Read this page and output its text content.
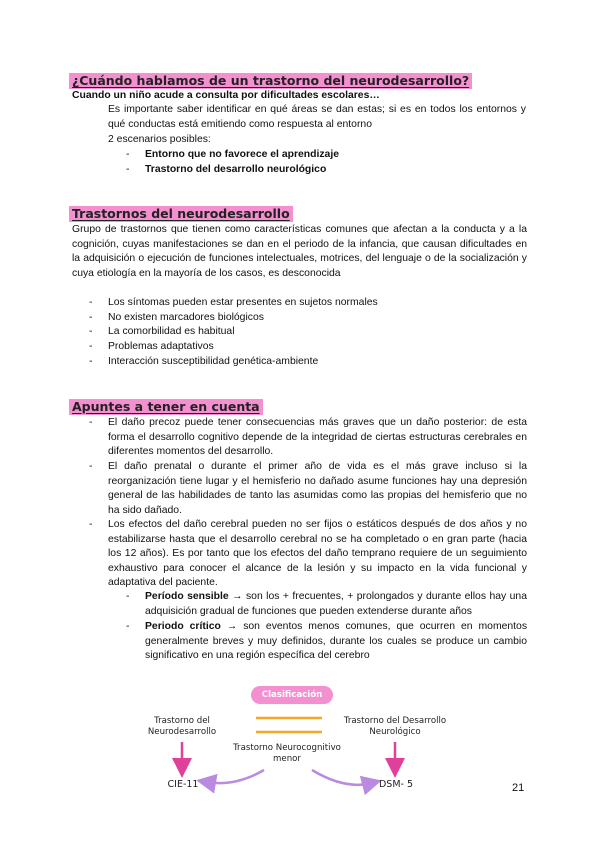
¿Cuándo hablamos de un trastorno del neurodesarrollo?
Cuando un niño acude a consulta por dificultades escolares…
Es importante saber identificar en qué áreas se dan estas; si es en todos los entornos y qué conductas está emitiendo como respuesta al entorno
2 escenarios posibles:
- Entorno que no favorece el aprendizaje
- Trastorno del desarrollo neurológico
Trastornos del neurodesarrollo
Grupo de trastornos que tienen como características comunes que afectan a la conducta y a la cognición, cuyas manifestaciones se dan en el periodo de la infancia, que causan dificultades en la adquisición o ejecución de funciones intelectuales, motrices, del lenguaje o de la socialización y cuya etiología en la mayoría de los casos, es desconocida
- Los síntomas pueden estar presentes en sujetos normales
- No existen marcadores biológicos
- La comorbilidad es habitual
- Problemas adaptativos
- Interacción susceptibilidad genética-ambiente
Apuntes a tener en cuenta
- El daño precoz puede tener consecuencias más graves que un daño posterior: de esta forma el desarrollo cognitivo depende de la integridad de ciertas estructuras cerebrales en diferentes momentos del desarrollo.
- El daño prenatal o durante el primer año de vida es el más grave incluso si la reorganización tiene lugar y el hemisferio no dañado asume funciones hay una depresión general de las habilidades de tanto las asumidas como las propias del hemisferio que no ha sido dañado.
- Los efectos del daño cerebral pueden no ser fijos o estáticos después de dos años y no estabilizarse hasta que el desarrollo cerebral no se ha completado o en gran parte (hacia los 12 años). Es por tanto que los efectos del daño temprano requiere de un seguimiento exhaustivo para conocer el alcance de la lesión y su impacto en la vida funcional y adaptativa del paciente.
- Período sensible → son los + frecuentes, + prolongados y durante ellos hay una adquisición gradual de funciones que pueden extenderse durante años
- Periodo crítico → son eventos menos comunes, que ocurren en momentos generalmente breves y muy definidos, durante los cuales se produce un cambio significativo en una región específica del cerebro
Clasificación
Trastorno del
Neurodesarrollo
Trastorno del Desarrollo
Neurológico
Trastorno Neurocognitivo
menor
CIE-11	DSM- 5	21
